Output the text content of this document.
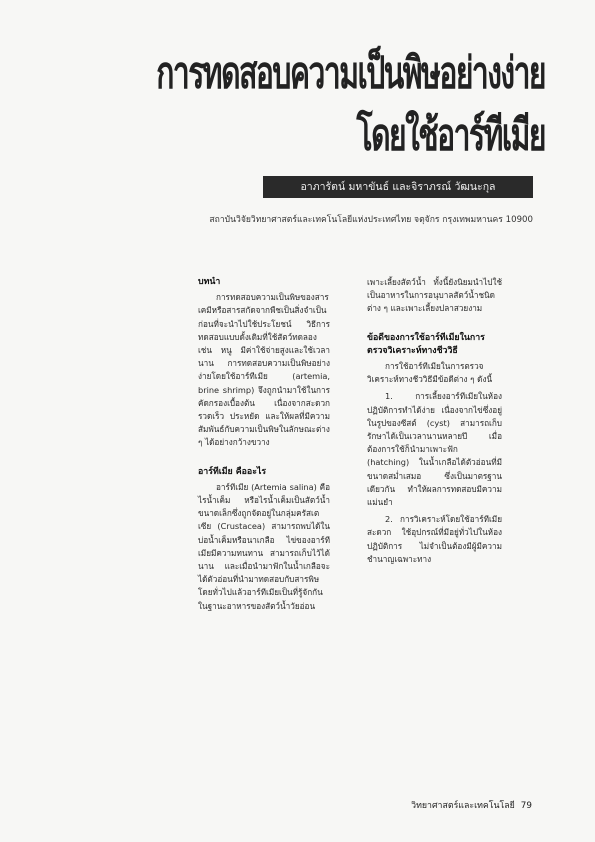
การทดสอบความเป็นพิษอย่างง่าย
โดยใช้อาร์ทีเมีย
อาภารัตน์ มหาขันธ์ และจิราภรณ์ วัฒนะกุล
สถาบันวิจัยวิทยาศาสตร์และเทคโนโลยีแห่งประเทศไทย จตุจักร กรุงเทพมหานคร 10900
บทนำ

การทดสอบความเป็นพิษของสารเคมีหรือสารสกัดจากพืชเป็นสิ่งจำเป็น ก่อนที่จะนำไปใช้ประโยชน์ วิธีการทดสอบแบบดั้งเดิมที่ใช้สัตว์ทดลอง เช่น หนู มีค่าใช้จ่ายสูงและใช้เวลานาน การทดสอบความเป็นพิษอย่างง่ายโดยใช้อาร์ทีเมีย (artemia, brine shrimp) จึงถูกนำมาใช้ในการคัดกรองเบื้องต้น เนื่องจากสะดวก รวดเร็ว ประหยัด และให้ผลที่มีความสัมพันธ์กับความเป็นพิษในลักษณะต่าง ๆ ได้อย่างกว้างขวาง

อาร์ทีเมีย คืออะไร

อาร์ทีเมีย (Artemia salina) คือไรน้ำเค็ม หรือไรน้ำเค็มเป็นสัตว์น้ำขนาดเล็กซึ่งถูกจัดอยู่ในกลุ่มครัสเตเซีย (Crustacea) สามารถพบได้ในบ่อน้ำเค็มหรือนาเกลือ ไข่ของอาร์ทีเมียมีความทนทาน สามารถเก็บไว้ได้นาน และเมื่อนำมาฟักในน้ำเกลือจะได้ตัวอ่อนที่นำมาทดสอบกับสารพิษ โดยทั่วไปแล้วอาร์ทีเมียเป็นที่รู้จักกันในฐานะอาหารของสัตว์น้ำวัยอ่อน

เพาะเลี้ยงสัตว์น้ำ ทั้งนี้ยังนิยมนำไปใช้เป็นอาหารในการอนุบาลสัตว์น้ำชนิดต่าง ๆ และเพาะเลี้ยงปลาสวยงาม

ข้อดีของการใช้อาร์ทีเมียในการตรวจวิเคราะห์ทางชีววิธี

การใช้อาร์ทีเมียในการตรวจวิเคราะห์ทางชีววิธีมีข้อดีต่าง ๆ ดังนี้

1. การเลี้ยงอาร์ทีเมียในห้องปฏิบัติการทำได้ง่าย เนื่องจากไข่ซึ่งอยู่ในรูปของซีสต์ (cyst) สามารถเก็บรักษาได้เป็นเวลานานหลายปี เมื่อต้องการใช้ก็นำมาเพาะฟัก (hatching) ในน้ำเกลือได้ตัวอ่อนที่มีขนาดสม่ำเสมอ ซึ่งเป็นมาตรฐานเดียวกัน ทำให้ผลการทดสอบมีความแม่นยำ

2. การวิเคราะห์โดยใช้อาร์ทีเมียสะดวก ใช้อุปกรณ์ที่มีอยู่ทั่วไปในห้องปฏิบัติการ ไม่จำเป็นต้องมีผู้มีความชำนาญเฉพาะทาง

วิทยาศาสตร์และเทคโนโลยี 79
